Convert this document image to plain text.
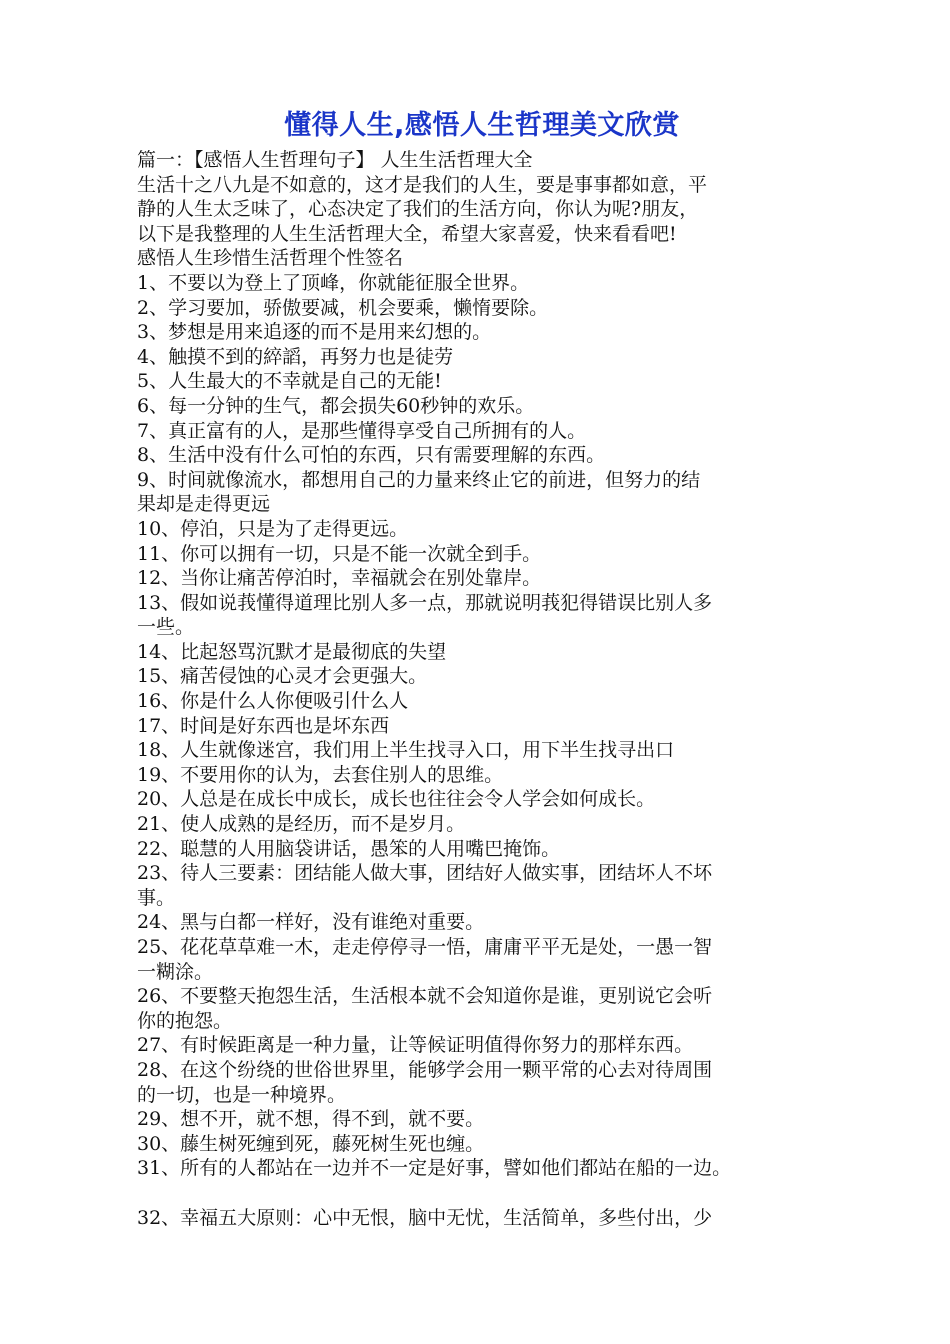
懂得人生,感悟人生哲理美文欣赏
篇一：【感悟人生哲理句子】 人生生活哲理大全
生活十之八九是不如意的，这才是我们的人生，要是事事都如意，平
静的人生太乏味了，心态决定了我们的生活方向，你认为呢?朋友，
以下是我整理的人生生活哲理大全，希望大家喜爱，快来看看吧!
感悟人生珍惜生活哲理个性签名
1、不要以为登上了顶峰，你就能征服全世界。
2、学习要加，骄傲要减，机会要乘，懒惰要除。
3、梦想是用来追逐的而不是用来幻想的。
4、触摸不到的綷謟，再努力也是徒劳
5、人生最大的不幸就是自己的无能!
6、每一分钟的生气，都会损失60秒钟的欢乐。
7、真正富有的人，是那些懂得享受自己所拥有的人。
8、生活中没有什么可怕的东西，只有需要理解的东西。
9、时间就像流水，都想用自己的力量来终止它的前进，但努力的结
果却是走得更远
10、停泊，只是为了走得更远。
11、你可以拥有一切，只是不能一次就全到手。
12、当你让痛苦停泊时，幸福就会在别处靠岸。
13、假如说莪懂得道理比别人多一点，那就说明莪犯得错误比别人多
一些。
14、比起怒骂沉默才是最彻底的失望
15、痛苦侵蚀的心灵才会更强大。
16、你是什么人你便吸引什么人
17、时间是好东西也是坏东西
18、人生就像迷宫，我们用上半生找寻入口，用下半生找寻出口
19、不要用你的认为，去套住别人的思维。
20、人总是在成长中成长，成长也往往会令人学会如何成长。
21、使人成熟的是经历，而不是岁月。
22、聪慧的人用脑袋讲话，愚笨的人用嘴巴掩饰。
23、待人三要素：团结能人做大事，团结好人做实事，团结坏人不坏
事。
24、黑与白都一样好，没有谁绝对重要。
25、花花草草难一木，走走停停寻一悟，庸庸平平无是处，一愚一智
一糊涂。
26、不要整天抱怨生活，生活根本就不会知道你是谁，更别说它会听
你的抱怨。
27、有时候距离是一种力量，让等候证明值得你努力的那样东西。
28、在这个纷绕的世俗世界里，能够学会用一颗平常的心去对待周围
的一切，也是一种境界。
29、想不开，就不想，得不到，就不要。
30、藤生树死缠到死，藤死树生死也缠。
31、所有的人都站在一边并不一定是好事，譬如他们都站在船的一边。
32、幸福五大原则：心中无恨，脑中无忧，生活简单，多些付出，少
